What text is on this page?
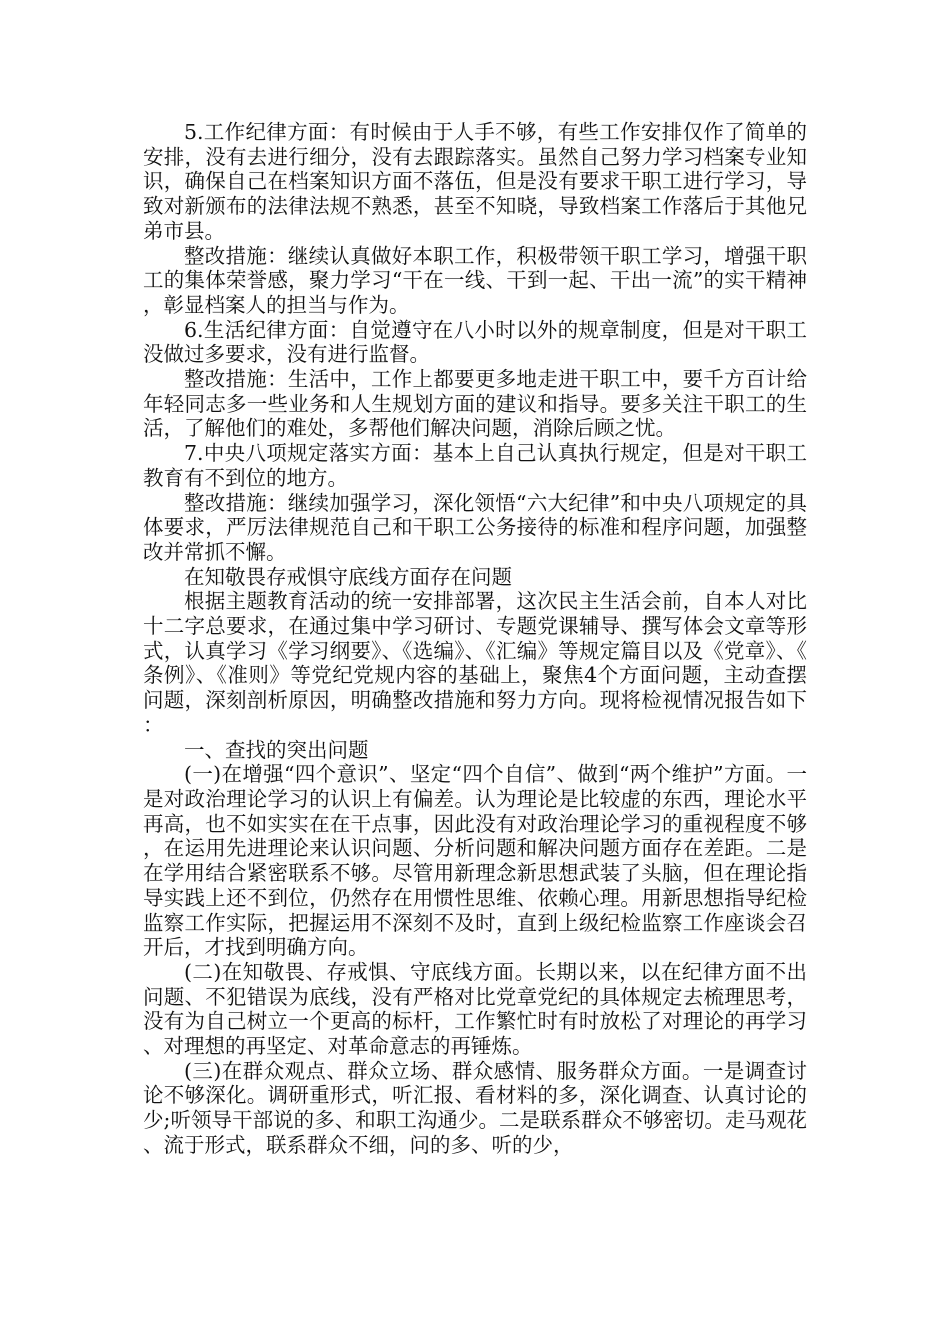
5.工作纪律方面：有时候由于人手不够，有些工作安排仅作了简单的安排，没有去进行细分，没有去跟踪落实。虽然自己努力学习档案专业知识，确保自己在档案知识方面不落伍，但是没有要求干职工进行学习，导致对新颁布的法律法规不熟悉，甚至不知晓，导致档案工作落后于其他兄弟市县。

整改措施：继续认真做好本职工作，积极带领干职工学习，增强干职工的集体荣誉感，聚力学习“干在一线、干到一起、干出一流”的实干精神，彰显档案人的担当与作为。

6.生活纪律方面：自觉遵守在八小时以外的规章制度，但是对干职工没做过多要求，没有进行监督。

整改措施：生活中，工作上都要更多地走进干职工中，要千方百计给年轻同志多一些业务和人生规划方面的建议和指导。要多关注干职工的生活，了解他们的难处，多帮他们解决问题，消除后顾之忧。

7.中央八项规定落实方面：基本上自己认真执行规定，但是对干职工教育有不到位的地方。

整改措施：继续加强学习，深化领悟“六大纪律”和中央八项规定的具体要求，严厉法律规范自己和干职工公务接待的标准和程序问题，加强整改并常抓不懈。

在知敬畏存戒惧守底线方面存在问题

根据主题教育活动的统一安排部署，这次民主生活会前，自本人对比十二字总要求，在通过集中学习研讨、专题党课辅导、撰写体会文章等形式，认真学习《学习纲要》、《选编》、《汇编》等规定篇目以及《党章》、《条例》、《准则》等党纪党规内容的基础上，聚焦4个方面问题，主动查摆问题，深刻剖析原因，明确整改措施和努力方向。现将检视情况报告如下：

一、查找的突出问题

(一)在增强“四个意识”、坚定“四个自信”、做到“两个维护”方面。一是对政治理论学习的认识上有偏差。认为理论是比较虚的东西，理论水平再高，也不如实实在在干点事，因此没有对政治理论学习的重视程度不够，在运用先进理论来认识问题、分析问题和解决问题方面存在差距。二是在学用结合紧密联系不够。尽管用新理念新思想武装了头脑，但在理论指导实践上还不到位，仍然存在用惯性思维、依赖心理。用新思想指导纪检监察工作实际，把握运用不深刻不及时，直到上级纪检监察工作座谈会召开后，才找到明确方向。

(二)在知敬畏、存戒惧、守底线方面。长期以来，以在纪律方面不出问题、不犯错误为底线，没有严格对比党章党纪的具体规定去梳理思考，没有为自己树立一个更高的标杆，工作繁忙时有时放松了对理论的再学习、对理想的再坚定、对革命意志的再锤炼。

(三)在群众观点、群众立场、群众感情、服务群众方面。一是调查讨论不够深化。调研重形式，听汇报、看材料的多，深化调查、认真讨论的少;听领导干部说的多、和职工沟通少。二是联系群众不够密切。走马观花、流于形式，联系群众不细，问的多、听的少，
